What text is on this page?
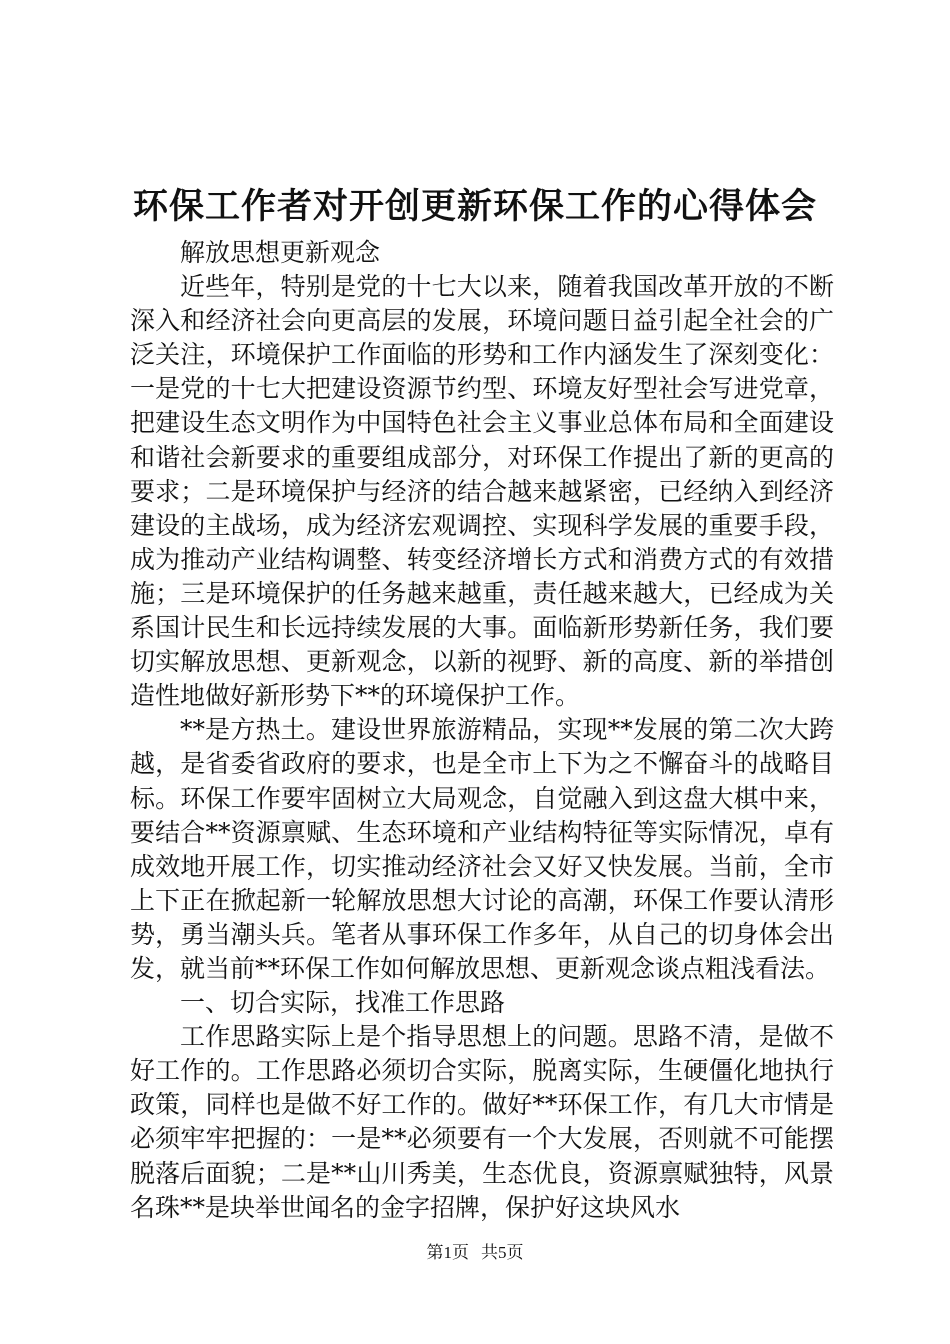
环保工作者对开创更新环保工作的心得体会

解放思想更新观念

近些年，特别是党的十七大以来，随着我国改革开放的不断深入和经济社会向更高层的发展，环境问题日益引起全社会的广泛关注，环境保护工作面临的形势和工作内涵发生了深刻变化：一是党的十七大把建设资源节约型、环境友好型社会写进党章，把建设生态文明作为中国特色社会主义事业总体布局和全面建设和谐社会新要求的重要组成部分，对环保工作提出了新的更高的要求；二是环境保护与经济的结合越来越紧密，已经纳入到经济建设的主战场，成为经济宏观调控、实现科学发展的重要手段，成为推动产业结构调整、转变经济增长方式和消费方式的有效措施；三是环境保护的任务越来越重，责任越来越大，已经成为关系国计民生和长远持续发展的大事。面临新形势新任务，我们要切实解放思想、更新观念，以新的视野、新的高度、新的举措创造性地做好新形势下**的环境保护工作。

**是方热土。建设世界旅游精品，实现**发展的第二次大跨越，是省委省政府的要求，也是全市上下为之不懈奋斗的战略目标。环保工作要牢固树立大局观念，自觉融入到这盘大棋中来，要结合**资源禀赋、生态环境和产业结构特征等实际情况，卓有成效地开展工作，切实推动经济社会又好又快发展。当前，全市上下正在掀起新一轮解放思想大讨论的高潮，环保工作要认清形势，勇当潮头兵。笔者从事环保工作多年，从自己的切身体会出发，就当前**环保工作如何解放思想、更新观念谈点粗浅看法。

一、切合实际，找准工作思路

工作思路实际上是个指导思想上的问题。思路不清，是做不好工作的。工作思路必须切合实际，脱离实际，生硬僵化地执行政策，同样也是做不好工作的。做好**环保工作，有几大市情是必须牢牢把握的：一是**必须要有一个大发展，否则就不可能摆脱落后面貌；二是**山川秀美，生态优良，资源禀赋独特，风景名珠**是块举世闻名的金字招牌，保护好这块风水

第1页 共5页
